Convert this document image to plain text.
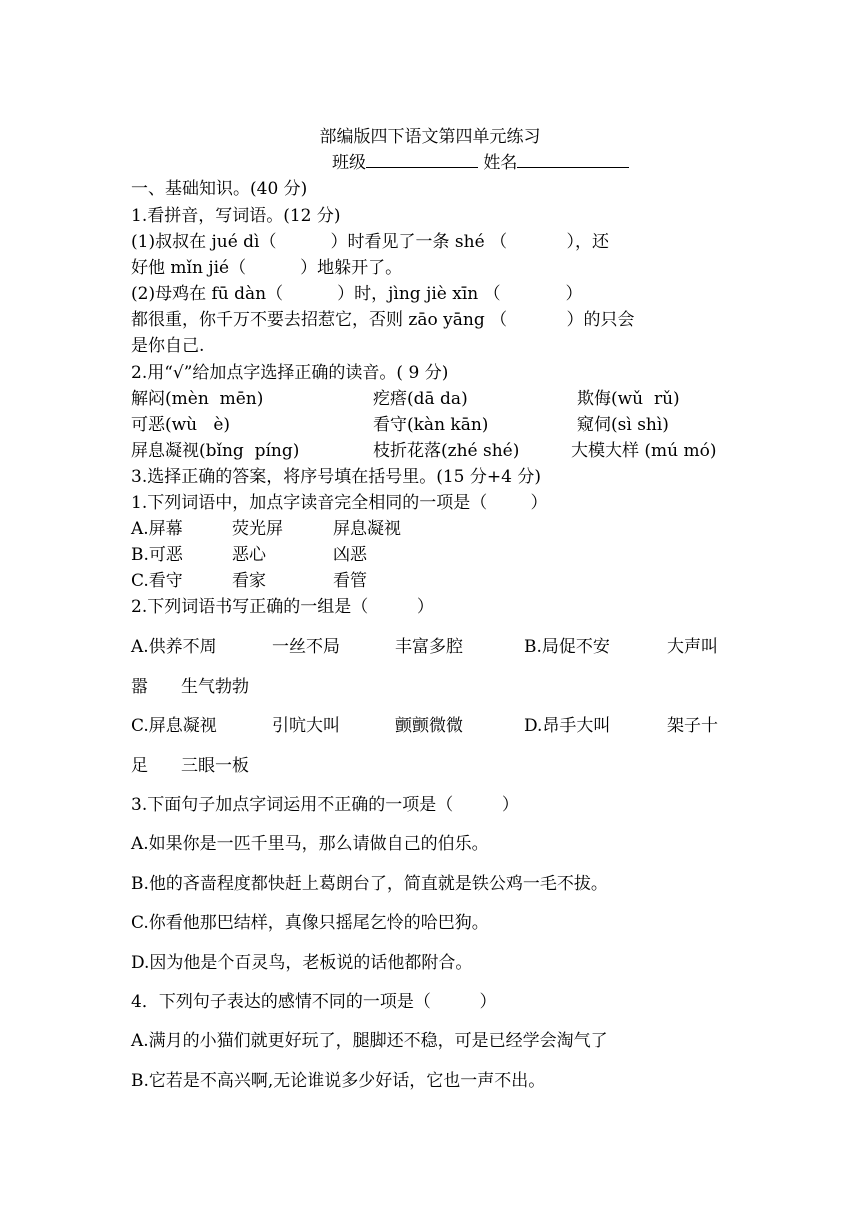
部编版四下语文第四单元练习
班级	姓名
一、基础知识。(40 分)
1.看拼音，写词语。(12 分)
(1)叔叔在 jué dì（          ）时看见了一条 shé （           ），还
好他 mǐn jié（          ）地躲开了。
(2)母鸡在 fū dàn（          ）时，jìng jiè xīn （            ）
都很重，你千万不要去招惹它，否则 zāo yāng （           ）的只会
是你自己.
2.用“√”给加点字选择正确的读音。( 9 分)
解闷(mèn  mēn)	疙瘩(dā da)	欺侮(wǔ  rǔ)
可恶(wù   è)	看守(kàn kān)	窥伺(sì shì)
屏息凝视(bǐng  píng)	枝折花落(zhé shé)	大模大样 (mú mó)
3.选择正确的答案，将序号填在括号里。(15 分+4 分)
1.下列词语中，加点字读音完全相同的一项是（        ）
A.屏幕	荧光屏	屏息凝视
B.可恶	恶心	凶恶
C.看守	看家	看管
2.下列词语书写正确的一组是（         ）
A.供养不周	一丝不局	丰富多腔	B.局促不安	大声叫
嚣 生气勃勃
C.屏息凝视	引吭大叫	颤颤微微	D.昂手大叫	架子十
足 三眼一板
3.下面句子加点字词运用不正确的一项是（         ）
A.如果你是一匹千里马，那么请做自己的伯乐。
B.他的吝啬程度都快赶上葛朗台了，简直就是铁公鸡一毛不拔。
C.你看他那巴结样，真像只摇尾乞怜的哈巴狗。
D.因为他是个百灵鸟，老板说的话他都附合。
4．下列句子表达的感情不同的一项是（         ）
A.满月的小猫们就更好玩了，腿脚还不稳，可是已经学会淘气了
B.它若是不高兴啊,无论谁说多少好话，它也一声不出。
